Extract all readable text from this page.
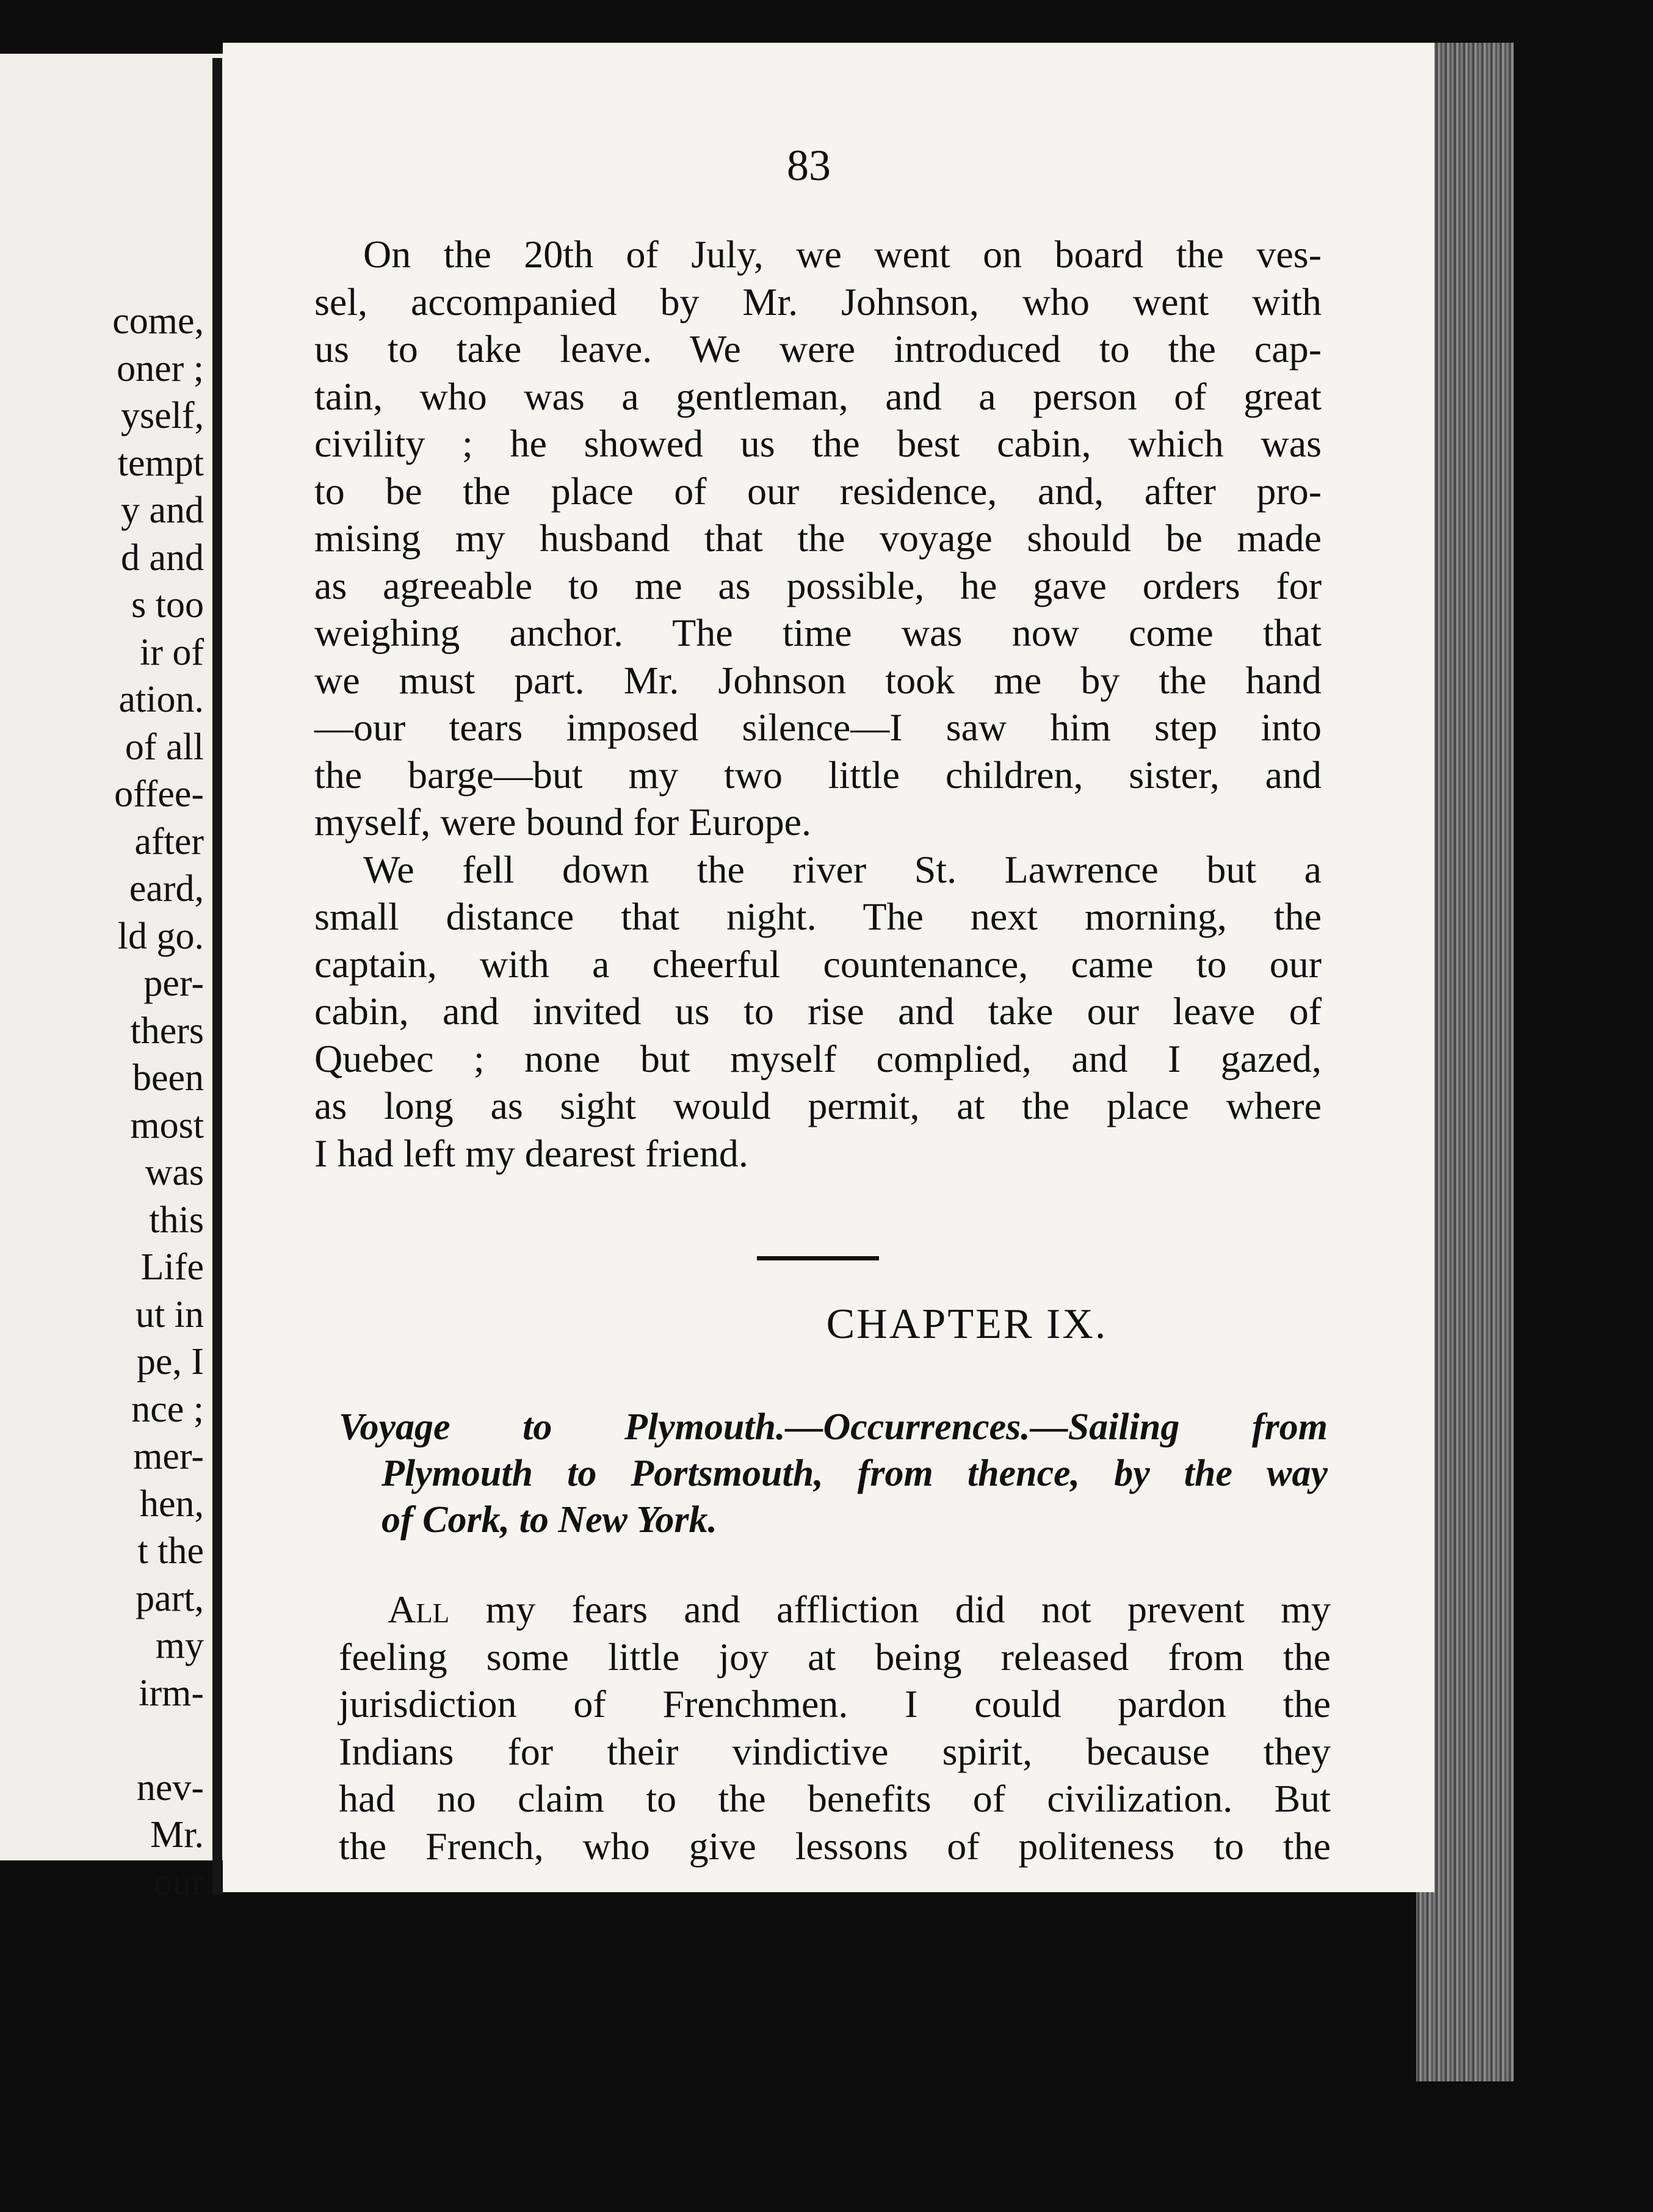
come,
oner ;
yself,
tempt
y and
d and
s too
ir of
ation.
of all
offee-
after
eard,
ld go.
per-
thers
been
most
was
this
Life
ut in
pe, I
nce ;
mer-
hen,
t the
part,
my
irm-
nev-
Mr.
our
83
On the 20th of July, we went on board the ves-
sel, accompanied by Mr. Johnson, who went with
us to take leave. We were introduced to the cap-
tain, who was a gentleman, and a person of great
civility ; he showed us the best cabin, which was
to be the place of our residence, and, after pro-
mising my husband that the voyage should be made
as agreeable to me as possible, he gave orders for
weighing anchor. The time was now come that
we must part. Mr. Johnson took me by the hand
—our tears imposed silence—I saw him step into
the barge—but my two little children, sister, and
myself, were bound for Europe.
We fell down the river St. Lawrence but a
small distance that night. The next morning, the
captain, with a cheerful countenance, came to our
cabin, and invited us to rise and take our leave of
Quebec ; none but myself complied, and I gazed,
as long as sight would permit, at the place where
I had left my dearest friend.
CHAPTER IX.
Voyage to Plymouth.—Occurrences.—Sailing from
Plymouth to Portsmouth, from thence, by the way
of Cork, to New York.
All my fears and affliction did not prevent my
feeling some little joy at being released from the
jurisdiction of Frenchmen. I could pardon the
Indians for their vindictive spirit, because they
had no claim to the benefits of civilization. But
the French, who give lessons of politeness to the
